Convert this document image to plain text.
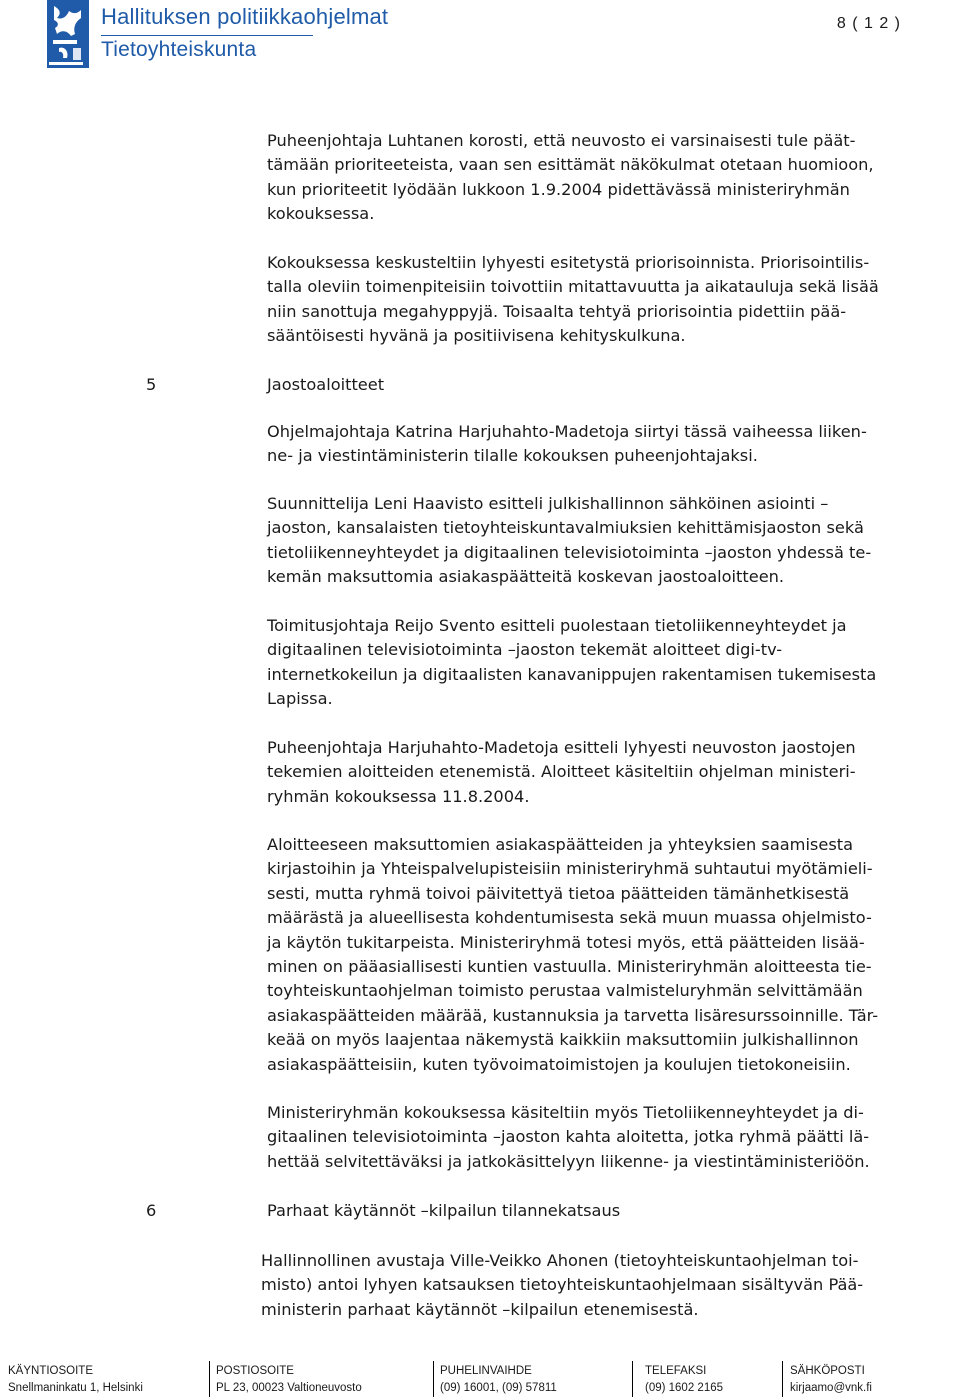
Hallituksen politiikkaohjelmat
Tietoyhteiskunta
8 ( 1 2 )
Puheenjohtaja Luhtanen korosti, että neuvosto ei varsinaisesti tule päät-
tämään prioriteeteista, vaan sen esittämät näkökulmat otetaan huomioon,
kun prioriteetit lyödään lukkoon 1.9.2004 pidettävässä ministeriryhmän
kokouksessa.
Kokouksessa keskusteltiin lyhyesti esitetystä priorisoinnista. Priorisointilis-
talla oleviin toimenpiteisiin toivottiin mitattavuutta ja aikatauluja sekä lisää
niin sanottuja megahyppyjä. Toisaalta tehtyä priorisointia pidettiin pää-
sääntöisesti hyvänä ja positiivisena kehityskulkuna.
5	Jaostoaloitteet
Ohjelmajohtaja Katrina Harjuhahto-Madetoja siirtyi tässä vaiheessa liiken-
ne- ja viestintäministerin tilalle kokouksen puheenjohtajaksi.
Suunnittelija Leni Haavisto esitteli julkishallinnon sähköinen asiointi –
jaoston, kansalaisten tietoyhteiskuntavalmiuksien kehittämisjaoston sekä
tietoliikenneyhteydet ja digitaalinen televisiotoiminta –jaoston yhdessä te-
kemän maksuttomia asiakaspäätteitä koskevan jaostoaloitteen.
Toimitusjohtaja Reijo Svento esitteli puolestaan tietoliikenneyhteydet ja
digitaalinen televisiotoiminta –jaoston tekemät aloitteet digi-tv-
internetkokeilun ja digitaalisten kanavanippujen rakentamisen tukemisesta
Lapissa.
Puheenjohtaja Harjuhahto-Madetoja esitteli lyhyesti neuvoston jaostojen
tekemien aloitteiden etenemistä. Aloitteet käsiteltiin ohjelman ministeri-
ryhmän kokouksessa 11.8.2004.
Aloitteeseen maksuttomien asiakaspäätteiden ja yhteyksien saamisesta
kirjastoihin ja Yhteispalvelupisteisiin ministeriryhmä suhtautui myötämieli-
sesti, mutta ryhmä toivoi päivitettyä tietoa päätteiden tämänhetkisestä
määrästä ja alueellisesta kohdentumisesta sekä muun muassa ohjelmisto-
ja käytön tukitarpeista. Ministeriryhmä totesi myös, että päätteiden lisää-
minen on pääasiallisesti kuntien vastuulla. Ministeriryhmän aloitteesta tie-
toyhteiskuntaohjelman toimisto perustaa valmisteluryhmän selvittämään
asiakaspäätteiden määrää, kustannuksia ja tarvetta lisäresurssoinnille. Tär-
keää on myös laajentaa näkemystä kaikkiin maksuttomiin julkishallinnon
asiakaspäätteisiin, kuten työvoimatoimistojen ja koulujen tietokoneisiin.
Ministeriryhmän kokouksessa käsiteltiin myös Tietoliikenneyhteydet ja di-
gitaalinen televisiotoiminta –jaoston kahta aloitetta, jotka ryhmä päätti lä-
hettää selvitettäväksi ja jatkokäsittelyyn liikenne- ja viestintäministeriöön.
6	Parhaat käytännöt –kilpailun tilannekatsaus
Hallinnollinen avustaja Ville-Veikko Ahonen (tietoyhteiskuntaohjelman toi-
misto) antoi lyhyen katsauksen tietoyhteiskuntaohjelmaan sisältyvän Pää-
ministerin parhaat käytännöt –kilpailun etenemisestä.
KÄYNTIOSOITE
Snellmaninkatu 1, Helsinki
POSTIOSOITE
PL 23, 00023 Valtioneuvosto
PUHELINVAIHDE
(09) 16001, (09) 57811
TELEFAKSI
(09) 1602 2165
SÄHKÖPOSTI
kirjaamo@vnk.fi
